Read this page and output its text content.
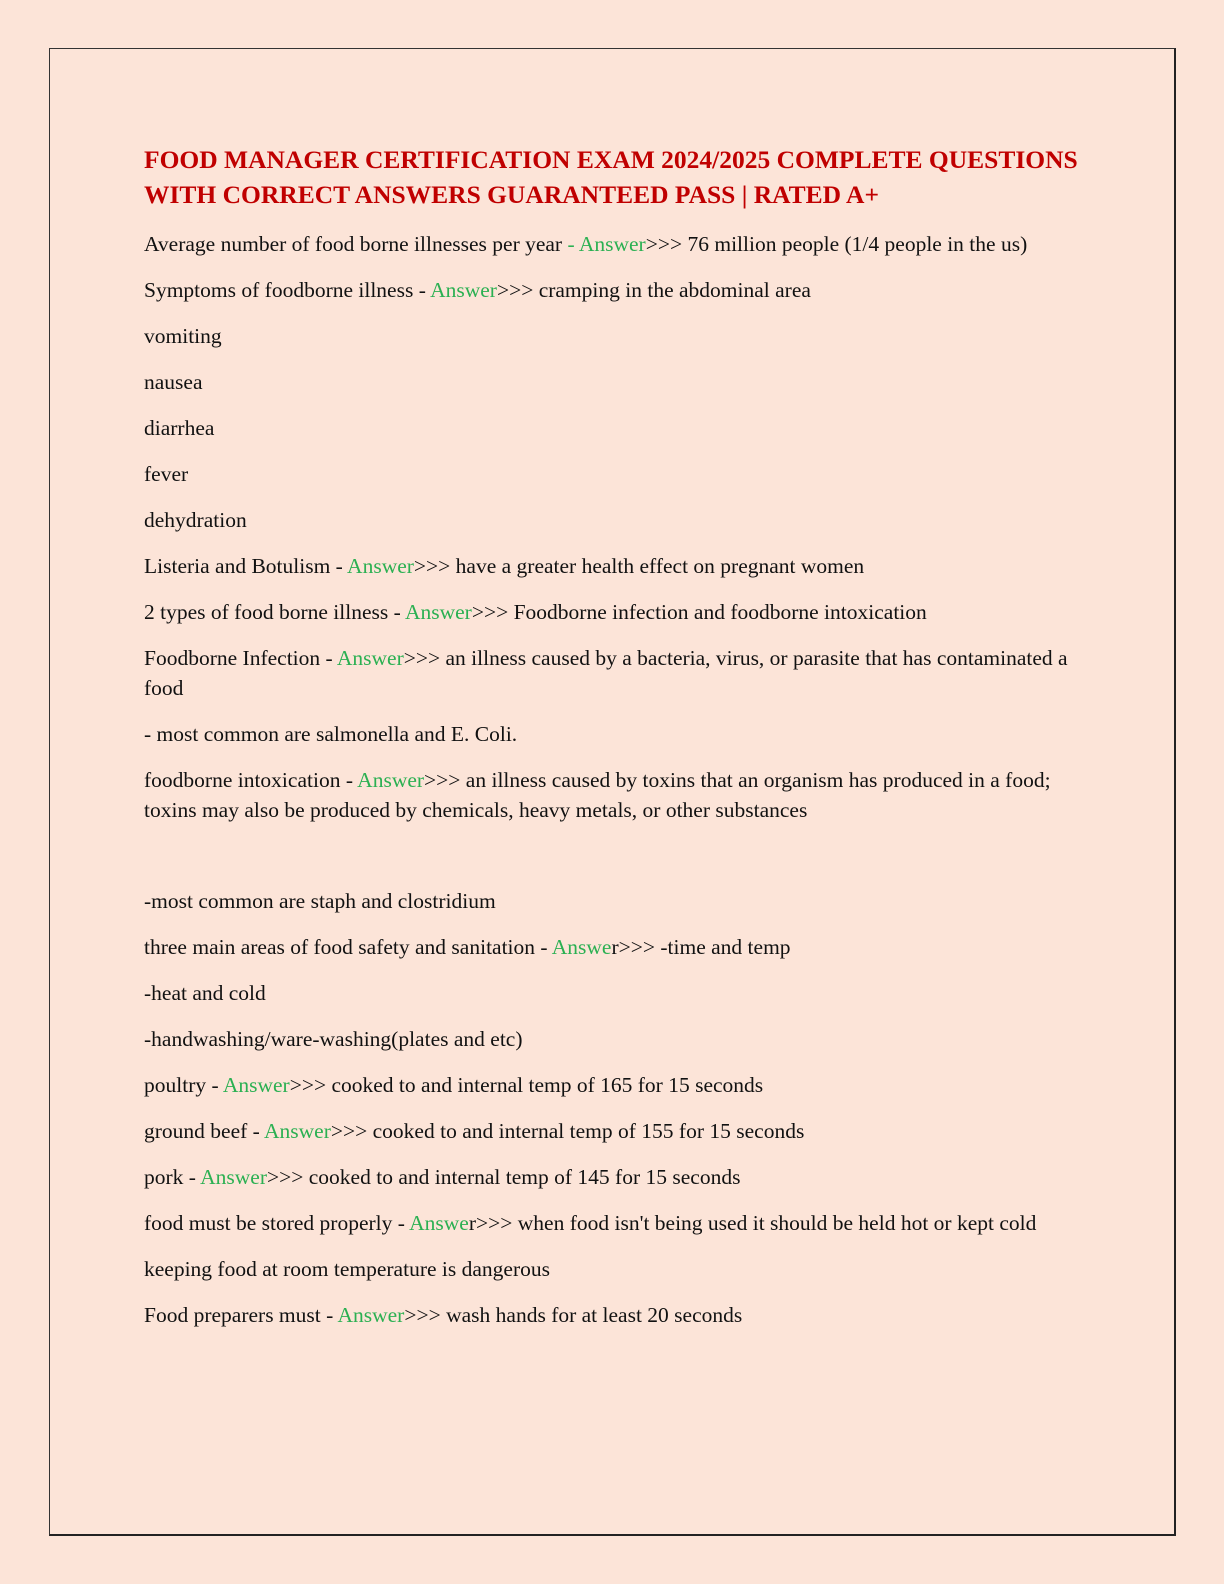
FOOD MANAGER CERTIFICATION EXAM 2024/2025 COMPLETE QUESTIONS WITH CORRECT ANSWERS GUARANTEED PASS | RATED A+

Average number of food borne illnesses per year - Answer>>> 76 million people (1/4 people in the us)

Symptoms of foodborne illness - Answer>>> cramping in the abdominal area

vomiting

nausea

diarrhea

fever

dehydration

Listeria and Botulism - Answer>>> have a greater health effect on pregnant women

2 types of food borne illness - Answer>>> Foodborne infection and foodborne intoxication

Foodborne Infection - Answer>>> an illness caused by a bacteria, virus, or parasite that has contaminated a food

- most common are salmonella and E. Coli.

foodborne intoxication - Answer>>> an illness caused by toxins that an organism has produced in a food; toxins may also be produced by chemicals, heavy metals, or other substances

-most common are staph and clostridium

three main areas of food safety and sanitation - Answer>>> -time and temp

-heat and cold

-handwashing/ware-washing(plates and etc)

poultry - Answer>>> cooked to and internal temp of 165 for 15 seconds

ground beef - Answer>>> cooked to and internal temp of 155 for 15 seconds

pork - Answer>>> cooked to and internal temp of 145 for 15 seconds

food must be stored properly - Answer>>> when food isn't being used it should be held hot or kept cold

keeping food at room temperature is dangerous

Food preparers must - Answer>>> wash hands for at least 20 seconds
